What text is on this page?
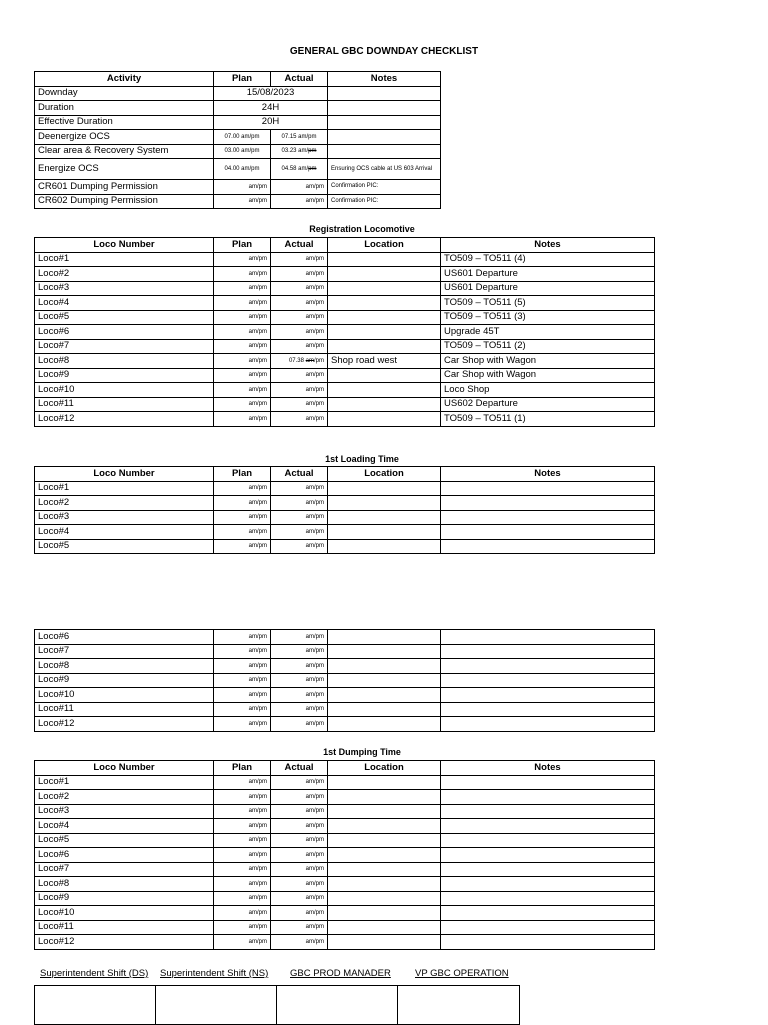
GENERAL GBC DOWNDAY CHECKLIST
Activity	Plan	Actual	Notes
Downday	15/08/2023		
Duration	24H		
Effective Duration	20H		
Deenergize OCS	07.00 am/pm	07.15 am/pm	
Clear area & Recovery System	03.00 am/pm	03.23 am/pm	
Energize OCS	04.00 am/pm	04.58 am/pm	Ensuring OCS cable at US 603 Arrival
CR601 Dumping Permission	am/pm	am/pm	Confirmation PIC:
CR602 Dumping Permission	am/pm	am/pm	Confirmation PIC:
Registration Locomotive
Loco Number	Plan	Actual	Location	Notes
Loco#1	am/pm	am/pm		TO509 – TO511 (4)
Loco#2	am/pm	am/pm		US601 Departure
Loco#3	am/pm	am/pm		US601 Departure
Loco#4	am/pm	am/pm		TO509 – TO511 (5)
Loco#5	am/pm	am/pm		TO509 – TO511 (3)
Loco#6	am/pm	am/pm		Upgrade 45T
Loco#7	am/pm	am/pm		TO509 – TO511 (2)
Loco#8	am/pm	07.38 am/pm	Shop road west	Car Shop with Wagon
Loco#9	am/pm	am/pm		Car Shop with Wagon
Loco#10	am/pm	am/pm		Loco Shop
Loco#11	am/pm	am/pm		US602 Departure
Loco#12	am/pm	am/pm		TO509 – TO511 (1)
1st Loading Time
Loco Number	Plan	Actual	Location	Notes
Loco#1	am/pm	am/pm		
Loco#2	am/pm	am/pm		
Loco#3	am/pm	am/pm		
Loco#4	am/pm	am/pm		
Loco#5	am/pm	am/pm		
Loco#6	am/pm	am/pm		
Loco#7	am/pm	am/pm		
Loco#8	am/pm	am/pm		
Loco#9	am/pm	am/pm		
Loco#10	am/pm	am/pm		
Loco#11	am/pm	am/pm		
Loco#12	am/pm	am/pm		
1st Dumping Time
Loco Number	Plan	Actual	Location	Notes
Loco#1	am/pm	am/pm		
Loco#2	am/pm	am/pm		
Loco#3	am/pm	am/pm		
Loco#4	am/pm	am/pm		
Loco#5	am/pm	am/pm		
Loco#6	am/pm	am/pm		
Loco#7	am/pm	am/pm		
Loco#8	am/pm	am/pm		
Loco#9	am/pm	am/pm		
Loco#10	am/pm	am/pm		
Loco#11	am/pm	am/pm		
Loco#12	am/pm	am/pm		
Superintendent Shift (DS) Superintendent Shift (NS) GBC PROD MANADER	VP GBC OPERATION
